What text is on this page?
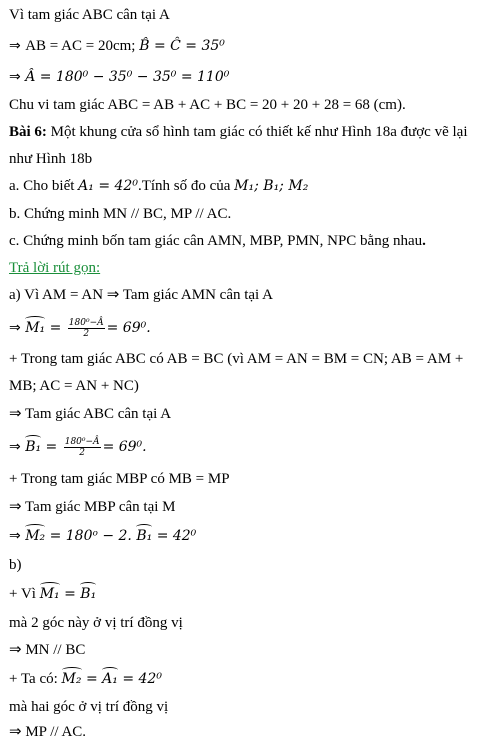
Vì tam giác ABC cân tại A
⇒ AB = AC = 20cm; B̂ = Ĉ = 35⁰
⇒ Â = 180⁰ − 35⁰ − 35⁰ = 110⁰
Chu vi tam giác ABC = AB + AC + BC = 20 + 20 + 28 = 68 (cm).
Bài 6: Một khung cửa sổ hình tam giác có thiết kế như Hình 18a được vẽ lại
như Hình 18b
a. Cho biết A₁ = 42⁰.Tính số đo của M₁; B₁; M₂
b. Chứng minh MN // BC, MP // AC.
c. Chứng minh bốn tam giác cân AMN, MBP, PMN, NPC bằng nhau.
Trả lời rút gọn:
a) Vì AM = AN ⇒ Tam giác AMN cân tại A
⇒ $M_1 = \frac{\text{180⁰−Â}}{2} = 69^0$.
+ Trong tam giác ABC có AB = BC (vì AM = AN = BM = CN; AB = AM +
MB; AC = AN + NC)
⇒ Tam giác ABC cân tại A
⇒ $B_1 = \frac{\text{180⁰−Â}}{2} = 69^0$.
+ Trong tam giác MBP có MB = MP
⇒ Tam giác MBP cân tại M
⇒ M₂ = 180ᵒ − 2. B₁ = 42⁰
b)
+ Vì M₁ = B₁
mà 2 góc này ở vị trí đồng vị
⇒ MN // BC
+ Ta có: M₂ = A₁ = 42⁰
mà hai góc ở vị trí đồng vị
⇒ MP // AC.
